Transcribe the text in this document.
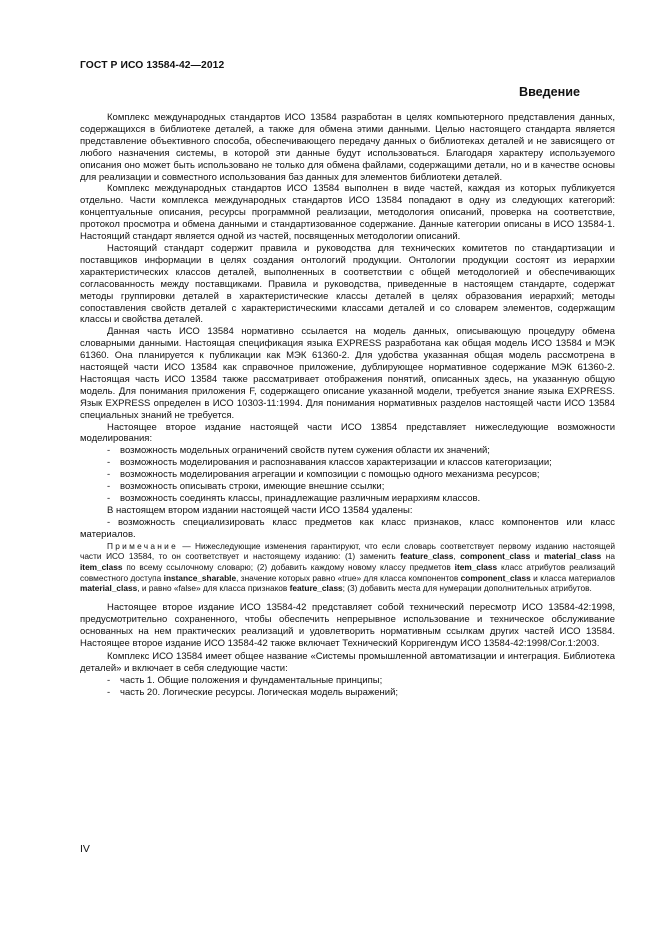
ГОСТ Р ИСО 13584-42—2012
Введение

Комплекс международных стандартов ИСО 13584 разработан в целях компьютерного представления данных, содержащихся в библиотеке деталей, а также для обмена этими данными. Целью настоящего стандарта является представление объективного способа, обеспечивающего передачу данных о библиотеках деталей и не зависящего от любого назначения системы, в которой эти данные будут использоваться. Благодаря характеру используемого описания оно может быть использовано не только для обмена файлами, содержащими детали, но и в качестве основы для реализации и совместного использования баз данных для элементов библиотеки деталей.

Комплекс международных стандартов ИСО 13584 выполнен в виде частей, каждая из которых публикуется отдельно. Части комплекса международных стандартов ИСО 13584 попадают в одну из следующих категорий: концептуальные описания, ресурсы программной реализации, методология описаний, проверка на соответствие, протокол просмотра и обмена данными и стандартизованное содержание. Данные категории описаны в ИСО 13584-1. Настоящий стандарт является одной из частей, посвященных методологии описаний.

Настоящий стандарт содержит правила и руководства для технических комитетов по стандартизации и поставщиков информации в целях создания онтологий продукции. Онтологии продукции состоят из иерархии характеристических классов деталей, выполненных в соответствии с общей методологией и обеспечивающих согласованность между поставщиками. Правила и руководства, приведенные в настоящем стандарте, содержат методы группировки деталей в характеристические классы деталей в целях образования иерархий; методы сопоставления свойств деталей с характеристическими классами деталей и со словарем элементов, содержащим классы и свойства деталей.

Данная часть ИСО 13584 нормативно ссылается на модель данных, описывающую процедуру обмена словарными данными. Настоящая спецификация языка EXPRESS разработана как общая модель ИСО 13584 и МЭК 61360. Она планируется к публикации как МЭК 61360-2. Для удобства указанная общая модель рассмотрена в настоящей части ИСО 13584 как справочное приложение, дублирующее нормативное содержание МЭК 61360-2. Настоящая часть ИСО 13584 также рассматривает отображения понятий, описанных здесь, на указанную общую модель. Для понимания приложения F, содержащего описание указанной модели, требуется знание языка EXPRESS. Язык EXPRESS определен в ИСО 10303-11:1994. Для понимания нормативных разделов настоящей части ИСО 13584 специальных знаний не требуется.

Настоящее второе издание настоящей части ИСО 13854 представляет нижеследующие возможности моделирования:

-	возможность модельных ограничений свойств путем сужения области их значений;
-	возможность моделирования и распознавания классов характеризации и классов категоризации;
-	возможность моделирования агрегации и композиции с помощью одного механизма ресурсов;
-	возможность описывать строки, имеющие внешние ссылки;
-	возможность соединять классы, принадлежащие различным иерархиям классов.

В настоящем втором издании настоящей части ИСО 13584 удалены:

- возможность специализировать класс предметов как класс признаков, класс компонентов или класс материалов.

Примечание — Нижеследующие изменения гарантируют, что если словарь соответствует первому изданию настоящей части ИСО 13584, то он соответствует и настоящему изданию: (1) заменить feature_class, component_class и material_class на item_class по всему ссылочному словарю; (2) добавить каждому новому классу предметов item_class класс атрибутов реализаций совместного доступа instance_sharable, значение которых равно «true» для класса компонентов component_class и класса материалов material_class, и равно «false» для класса признаков feature_class; (3) добавить места для нумерации дополнительных атрибутов.

Настоящее второе издание ИСО 13584-42 представляет собой технический пересмотр ИСО 13584-42:1998, предусмотрительно сохраненного, чтобы обеспечить непрерывное использование и техническое обслуживание основанных на нем практических реализаций и удовлетворить нормативным ссылкам других частей ИСО 13584. Настоящее второе издание ИСО 13584-42 также включает Технический Корригендум ИСО 13584-42:1998/Cor.1:2003.

Комплекс ИСО 13584 имеет общее название «Системы промышленной автоматизации и интеграция. Библиотека деталей» и включает в себя следующие части:

-	часть 1. Общие положения и фундаментальные принципы;
-	часть 20. Логические ресурсы. Логическая модель выражений;
IV
